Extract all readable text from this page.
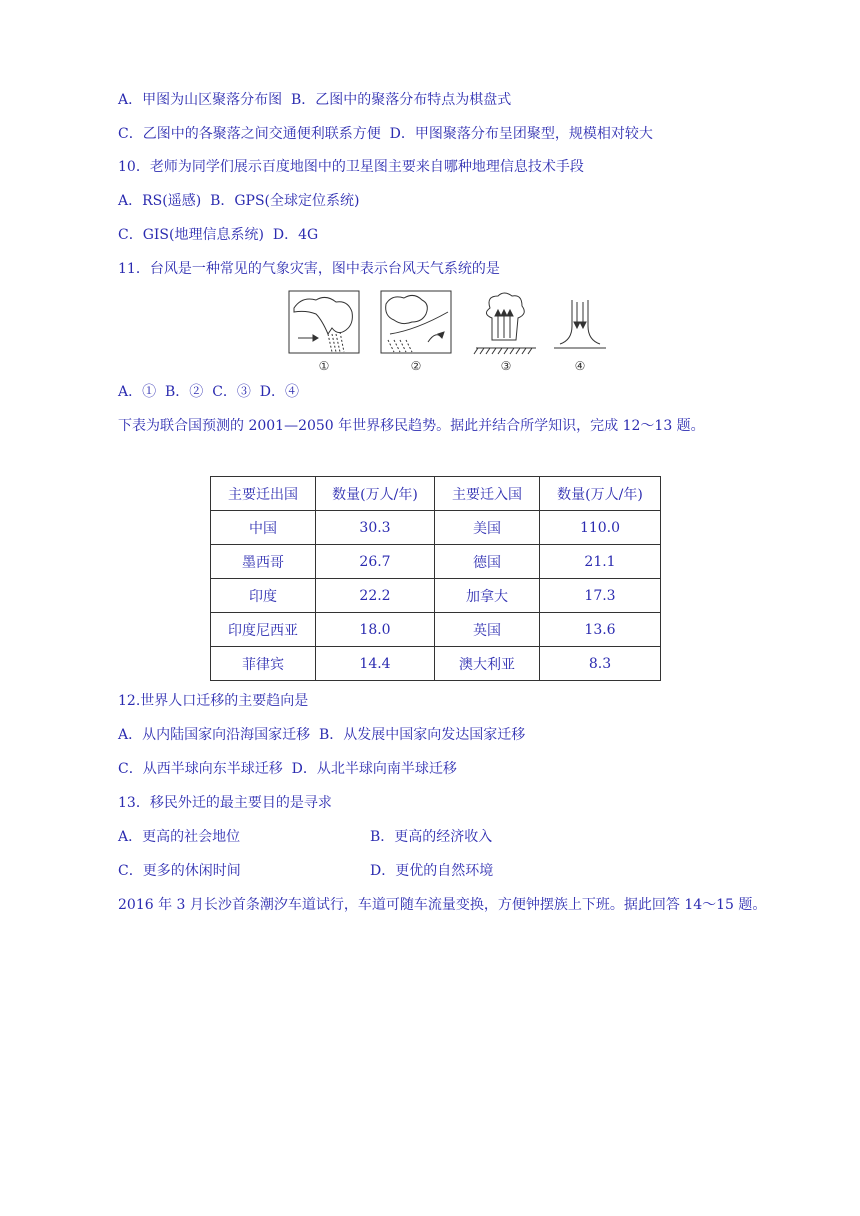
A．甲图为山区聚落分布图  B．乙图中的聚落分布特点为棋盘式
C．乙图中的各聚落之间交通便利联系方便  D．甲图聚落分布呈团聚型，规模相对较大
10．老师为同学们展示百度地图中的卫星图主要来自哪种地理信息技术手段
A．RS(遥感)  B．GPS(全球定位系统)
C．GIS(地理信息系统)  D．4G
11．台风是一种常见的气象灾害，图中表示台风天气系统的是
①	②	③	④
A．①  B．②  C．③  D．④
下表为联合国预测的 2001—2050 年世界移民趋势。据此并结合所学知识，完成 12～13 题。
主要迁出国	数量(万人/年)	主要迁入国	数量(万人/年)
中国	30.3	美国	110.0
墨西哥	26.7	德国	21.1
印度	22.2	加拿大	17.3
印度尼西亚	18.0	英国	13.6
菲律宾	14.4	澳大利亚	8.3
12.世界人口迁移的主要趋向是
A．从内陆国家向沿海国家迁移  B．从发展中国家向发达国家迁移
C．从西半球向东半球迁移  D．从北半球向南半球迁移
13．移民外迁的最主要目的是寻求
A．更高的社会地位	B．更高的经济收入
C．更多的休闲时间	D．更优的自然环境
2016 年 3 月长沙首条潮汐车道试行，车道可随车流量变换，方便钟摆族上下班。据此回答 14～15 题。
